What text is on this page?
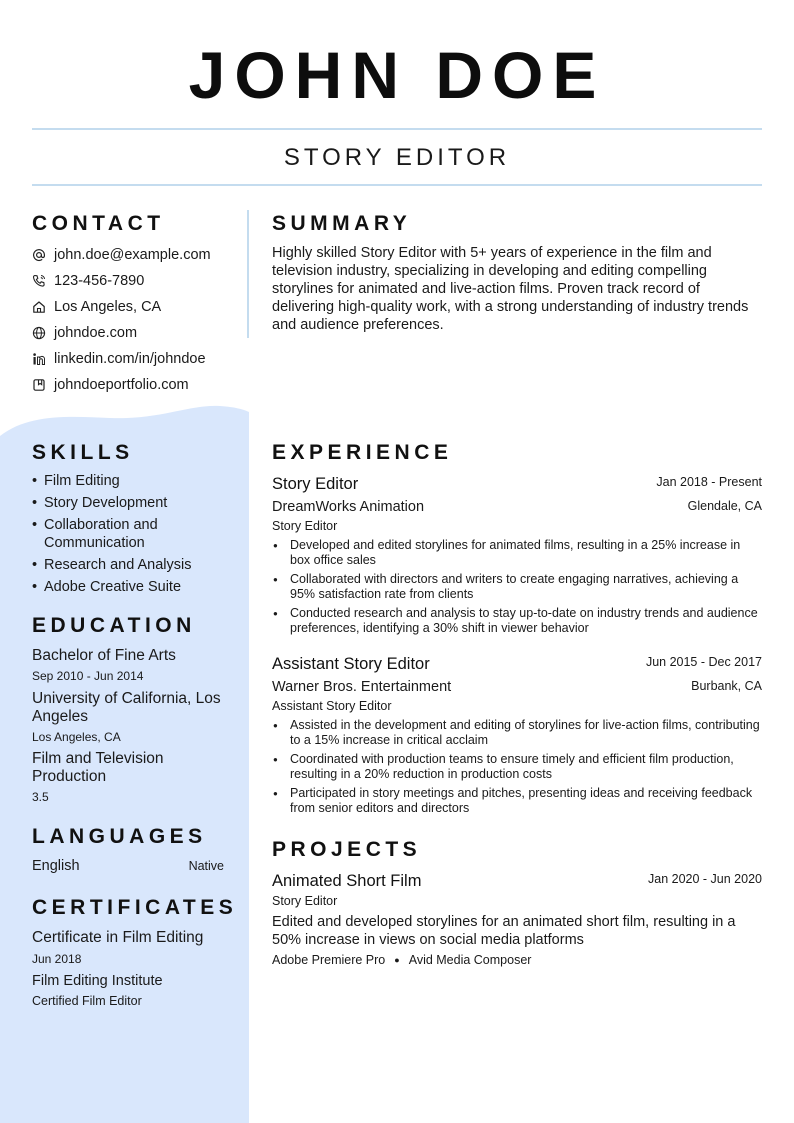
JOHN DOE
STORY EDITOR
CONTACT
john.doe@example.com
123-456-7890
Los Angeles, CA
johndoe.com
linkedin.com/in/johndoe
johndoeportfolio.com
SUMMARY
Highly skilled Story Editor with 5+ years of experience in the film and television industry, specializing in developing and editing compelling storylines for animated and live-action films. Proven track record of delivering high-quality work, with a strong understanding of industry trends and audience preferences.
SKILLS
• Film Editing
• Story Development
• Collaboration and Communication
• Research and Analysis
• Adobe Creative Suite
EDUCATION
Bachelor of Fine Arts
Sep 2010 - Jun 2014
University of California, Los Angeles
Los Angeles, CA
Film and Television Production
3.5
LANGUAGES
English	Native
CERTIFICATES
Certificate in Film Editing
Jun 2018
Film Editing Institute
Certified Film Editor
EXPERIENCE
Story Editor	Jan 2018 - Present
DreamWorks Animation	Glendale, CA
Story Editor
● Developed and edited storylines for animated films, resulting in a 25% increase in box office sales
● Collaborated with directors and writers to create engaging narratives, achieving a 95% satisfaction rate from clients
● Conducted research and analysis to stay up-to-date on industry trends and audience preferences, identifying a 30% shift in viewer behavior
Assistant Story Editor	Jun 2015 - Dec 2017
Warner Bros. Entertainment	Burbank, CA
Assistant Story Editor
● Assisted in the development and editing of storylines for live-action films, contributing to a 15% increase in critical acclaim
● Coordinated with production teams to ensure timely and efficient film production, resulting in a 20% reduction in production costs
● Participated in story meetings and pitches, presenting ideas and receiving feedback from senior editors and directors
PROJECTS
Animated Short Film	Jan 2020 - Jun 2020
Story Editor
Edited and developed storylines for an animated short film, resulting in a 50% increase in views on social media platforms
Adobe Premiere Pro ● Avid Media Composer
